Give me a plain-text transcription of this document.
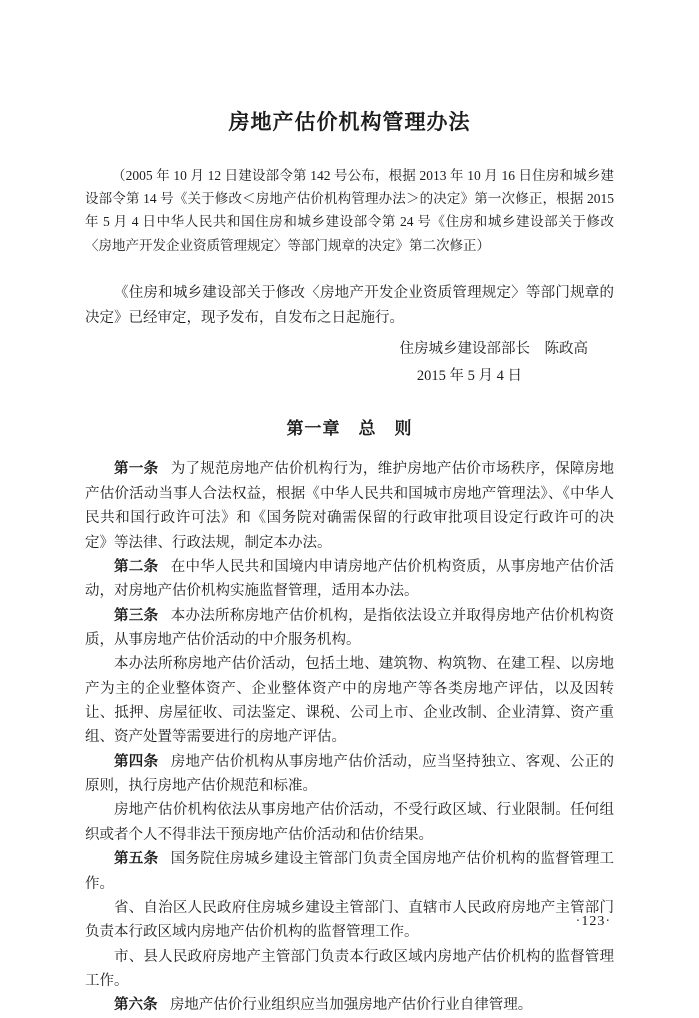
房地产估价机构管理办法

（2005 年 10 月 12 日建设部令第 142 号公布，根据 2013 年 10 月 16 日住房和城乡建设部令第 14 号《关于修改＜房地产估价机构管理办法＞的决定》第一次修正，根据 2015 年 5 月 4 日中华人民共和国住房和城乡建设部令第 24 号《住房和城乡建设部关于修改〈房地产开发企业资质管理规定〉等部门规章的决定》第二次修正）

《住房和城乡建设部关于修改〈房地产开发企业资质管理规定〉等部门规章的决定》已经审定，现予发布，自发布之日起施行。

住房城乡建设部部长　陈政高

2015 年 5 月 4 日

第一章　总　则

第一条 为了规范房地产估价机构行为，维护房地产估价市场秩序，保障房地产估价活动当事人合法权益，根据《中华人民共和国城市房地产管理法》、《中华人民共和国行政许可法》和《国务院对确需保留的行政审批项目设定行政许可的决定》等法律、行政法规，制定本办法。

第二条 在中华人民共和国境内申请房地产估价机构资质，从事房地产估价活动，对房地产估价机构实施监督管理，适用本办法。

第三条 本办法所称房地产估价机构，是指依法设立并取得房地产估价机构资质，从事房地产估价活动的中介服务机构。

本办法所称房地产估价活动，包括土地、建筑物、构筑物、在建工程、以房地产为主的企业整体资产、企业整体资产中的房地产等各类房地产评估，以及因转让、抵押、房屋征收、司法鉴定、课税、公司上市、企业改制、企业清算、资产重组、资产处置等需要进行的房地产评估。

第四条 房地产估价机构从事房地产估价活动，应当坚持独立、客观、公正的原则，执行房地产估价规范和标准。

房地产估价机构依法从事房地产估价活动，不受行政区域、行业限制。任何组织或者个人不得非法干预房地产估价活动和估价结果。

第五条 国务院住房城乡建设主管部门负责全国房地产估价机构的监督管理工作。

省、自治区人民政府住房城乡建设主管部门、直辖市人民政府房地产主管部门负责本行政区域内房地产估价机构的监督管理工作。

市、县人民政府房地产主管部门负责本行政区域内房地产估价机构的监督管理工作。

第六条 房地产估价行业组织应当加强房地产估价行业自律管理。

·123·
